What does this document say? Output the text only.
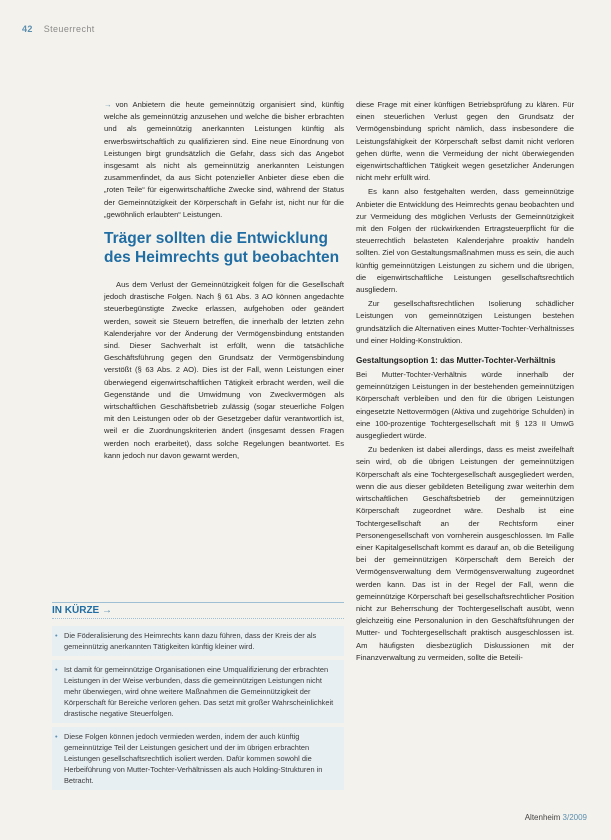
42 Steuerrecht

→ von Anbietern die heute gemeinnützig organisiert sind, künftig welche als gemeinnützig anzusehen und welche die bisher erbrachten und als gemeinnützig anerkannten Leistungen künftig als erwerbswirtschaftlich zu qualifizieren sind. Eine neue Einordnung von Leistungen birgt grundsätzlich die Gefahr, dass sich das Angebot insgesamt als nicht als gemeinnützig anerkannten Leistungen zusammenfindet, da aus Sicht potenzieller Anbieter diese eben die „roten Teile“ für eigenwirtschaftliche Zwecke sind, während der Status der Gemeinnützigkeit der Körperschaft in Gefahr ist, nicht nur für die „gewöhnlich erlaubten“ Leistungen.

Träger sollten die Entwicklung des Heimrechts gut beobachten

Aus dem Verlust der Gemeinnützigkeit folgen für die Gesellschaft jedoch drastische Folgen. Nach § 61 Abs. 3 AO können angedachte steuerbegünstigte Zwecke erlassen, aufgehoben oder geändert werden, soweit sie Steuern betreffen, die innerhalb der letzten zehn Kalenderjahre vor der Änderung der Vermögensbindung entstanden sind. Dieser Sachverhalt ist erfüllt, wenn die tatsächliche Geschäftsführung gegen den Grundsatz der Vermögensbindung verstößt (§ 63 Abs. 2 AO). Dies ist der Fall, wenn Leistungen einer überwiegend eigenwirtschaftlichen Tätigkeit erbracht werden, weil die Gegenstände und die Umwidmung von Zweckvermögen als wirtschaftlichen Geschäftsbetrieb zulässig (sogar steuerliche Folgen mit den Leistungen oder ob der Gesetzgeber dafür verantwortlich ist, weil er die Zuordnungskriterien ändert (insgesamt dessen Fragen werden noch erarbeitet), dass solche Regelungen beantwortet. Es kann jedoch nur davon gewarnt werden,

diese Frage mit einer künftigen Betriebsprüfung zu klären. Für einen steuerlichen Verlust gegen den Grundsatz der Vermögensbindung spricht nämlich, dass insbesondere die Leistungsfähigkeit der Körperschaft selbst damit nicht verloren gehen dürfte, wenn die Vermeidung der nicht überwiegenden eigenwirtschaftlichen Tätigkeit wegen gesetzlicher Änderungen nicht mehr erfüllt wird.

Es kann also festgehalten werden, dass gemeinnützige Anbieter die Entwicklung des Heimrechts genau beobachten und zur Vermeidung des möglichen Verlusts der Gemeinnützigkeit mit den Folgen der rückwirkenden Ertragsteuerpflicht für die steuerrechtlich belasteten Kalenderjahre proaktiv handeln sollten. Ziel von Gestaltungsmaßnahmen muss es sein, die auch künftig gemeinnützigen Leistungen zu sichern und die übrigen, die eigenwirtschaftliche Leistungen gesellschaftsrechtlich ausgliedern.

Zur gesellschaftsrechtlichen Isolierung schädlicher Leistungen von gemeinnützigen Leistungen bestehen grundsätzlich die Alternativen eines Mutter-Tochter-Verhältnisses und einer Holding-Konstruktion.

Gestaltungsoption 1: das Mutter-Tochter-Verhältnis

Bei Mutter-Tochter-Verhältnis würde innerhalb der gemeinnützigen Leistungen in der bestehenden gemeinnützigen Körperschaft verbleiben und den für die übrigen Leistungen eingesetzte Nettovermögen (Aktiva und zugehörige Schulden) in eine 100-prozentige Tochtergesellschaft mit § 123 II UmwG ausgegliedert würde.

Zu bedenken ist dabei allerdings, dass es meist zweifelhaft sein wird, ob die übrigen Leistungen der gemeinnützigen Körperschaft als eine Tochtergesellschaft ausgegliedert werden, wenn die aus dieser gebildeten Beteiligung zwar weiterhin dem wirtschaftlichen Geschäftsbetrieb der gemeinnützigen Körperschaft zugeordnet wäre. Deshalb ist eine Tochtergesellschaft an der Rechtsform einer Personengesellschaft von vornherein ausgeschlossen. Im Falle einer Kapitalgesellschaft kommt es darauf an, ob die Beteiligung bei der gemeinnützigen Körperschaft dem Bereich der Vermögensverwaltung dem Vermögensverwaltung zugeordnet werden kann. Das ist in der Regel der Fall, wenn die gemeinnützige Körperschaft bei gesellschaftsrechtlicher Position nicht zur Beherrschung der Tochtergesellschaft ausübt, wenn gleichzeitig eine Personalunion in den Geschäftsführungen der Mutter- und Tochtergesellschaft praktisch ausgeschlossen ist. Am häufigsten diesbezüglich Diskussionen mit der Finanzverwaltung zu vermeiden, sollte die Beteili-

IN KÜRZE →
• Die Föderalisierung des Heimrechts kann dazu führen, dass der Kreis der als gemeinnützig anerkannten Tätigkeiten künftig kleiner wird.
• Ist damit für gemeinnützige Organisationen eine Umqualifizierung der erbrachten Leistungen in der Weise verbunden, dass die gemeinnützigen Leistungen nicht mehr überwiegen, wird ohne weitere Maßnahmen die Gemeinnützigkeit der Körperschaft für Bereiche verloren gehen. Das setzt mit großer Wahrscheinlichkeit drastische negative Steuerfolgen.
• Diese Folgen können jedoch vermieden werden, indem der auch künftig gemeinnützige Teil der Leistungen gesichert und der im übrigen erbrachten Leistungen gesellschaftsrechtlich isoliert werden. Dafür kommen sowohl die Herbeiführung von Mutter-Tochter-Verhältnissen als auch Holding-Strukturen in Betracht.
Altenheim 3/2009
